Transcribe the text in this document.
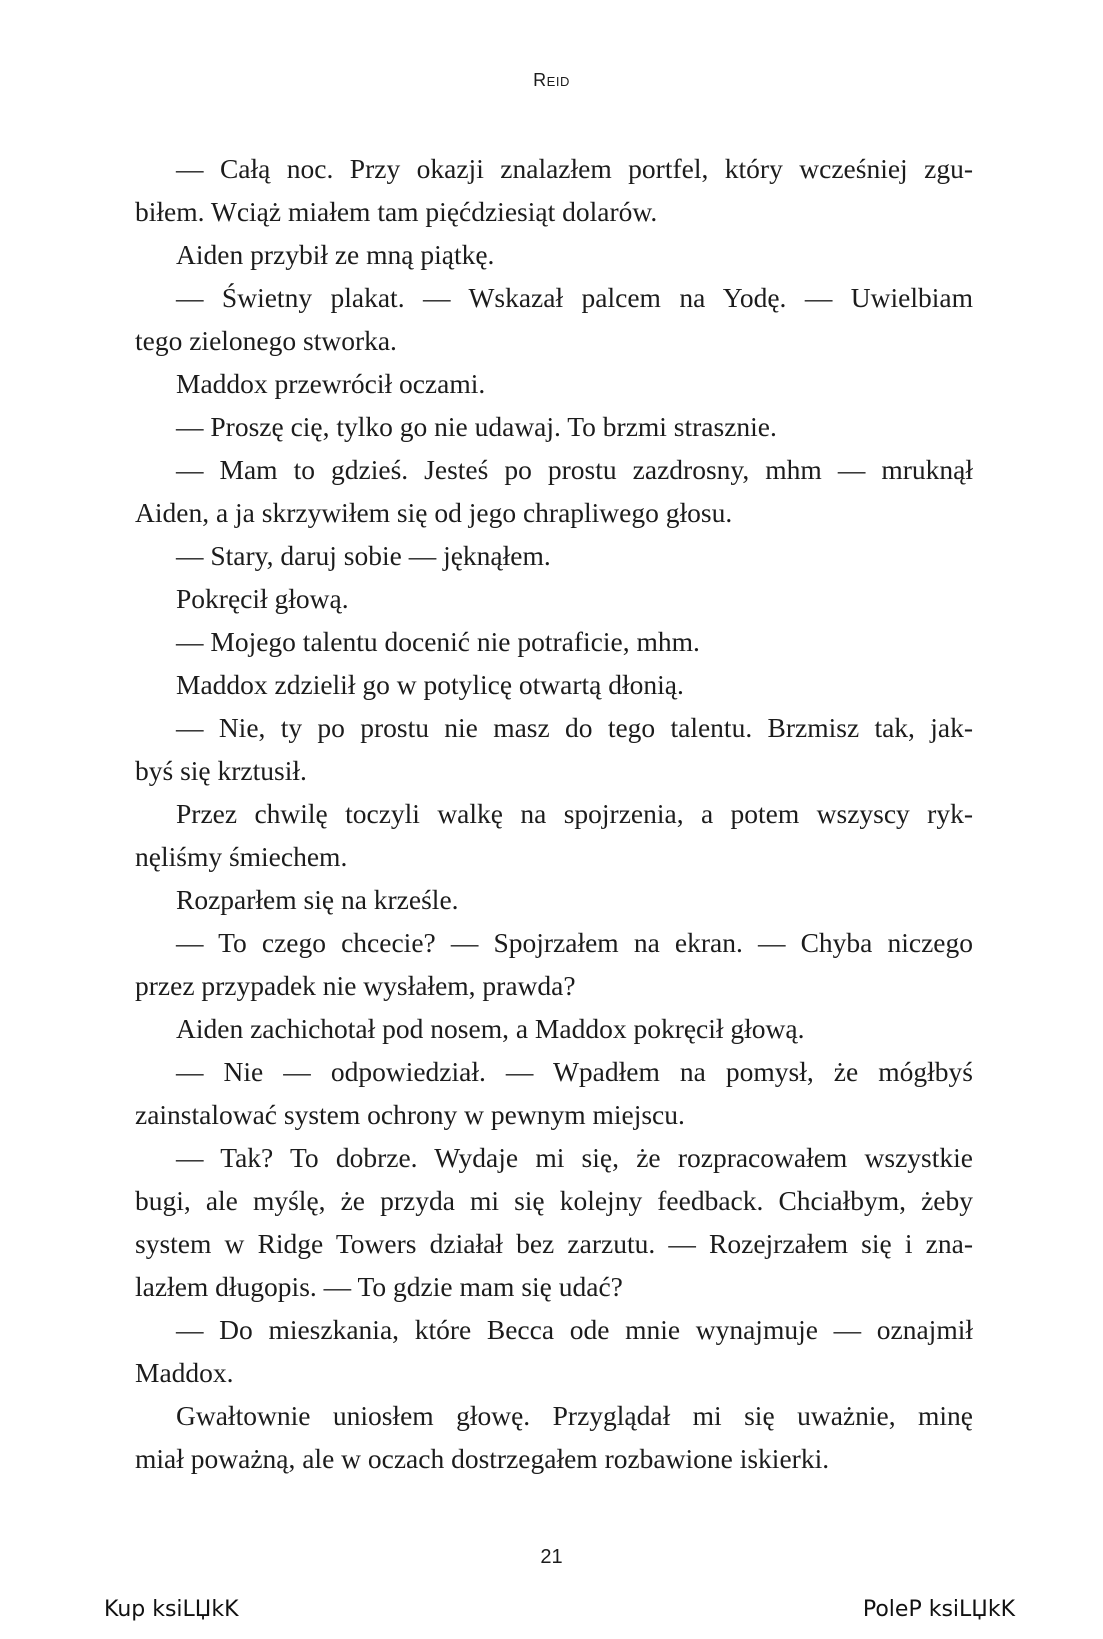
Reid
— Całą noc. Przy okazji znalazłem portfel, który wcześniej zgu-
biłem. Wciąż miałem tam pięćdziesiąt dolarów.
Aiden przybił ze mną piątkę.
— Świetny plakat. — Wskazał palcem na Yodę. — Uwielbiam
tego zielonego stworka.
Maddox przewrócił oczami.
— Proszę cię, tylko go nie udawaj. To brzmi strasznie.
— Mam to gdzieś. Jesteś po prostu zazdrosny, mhm — mruknął
Aiden, a ja skrzywiłem się od jego chrapliwego głosu.
— Stary, daruj sobie — jęknąłem.
Pokręcił głową.
— Mojego talentu docenić nie potraficie, mhm.
Maddox zdzielił go w potylicę otwartą dłonią.
— Nie, ty po prostu nie masz do tego talentu. Brzmisz tak, jak-
byś się krztusił.
Przez chwilę toczyli walkę na spojrzenia, a potem wszyscy ryk-
nęliśmy śmiechem.
Rozparłem się na krześle.
— To czego chcecie? — Spojrzałem na ekran. — Chyba niczego
przez przypadek nie wysłałem, prawda?
Aiden zachichotał pod nosem, a Maddox pokręcił głową.
— Nie — odpowiedział. — Wpadłem na pomysł, że mógłbyś
zainstalować system ochrony w pewnym miejscu.
— Tak? To dobrze. Wydaje mi się, że rozpracowałem wszystkie
bugi, ale myślę, że przyda mi się kolejny feedback. Chciałbym, żeby
system w Ridge Towers działał bez zarzutu. — Rozejrzałem się i zna-
lazłem długopis. — To gdzie mam się udać?
— Do mieszkania, które Becca ode mnie wynajmuje — oznajmił
Maddox.
Gwałtownie uniosłem głowę. Przyglądał mi się uważnie, minę
miał poważną, ale w oczach dostrzegałem rozbawione iskierki.
21
Kup ksiLЏkK	PoleP ksiLЏkK
